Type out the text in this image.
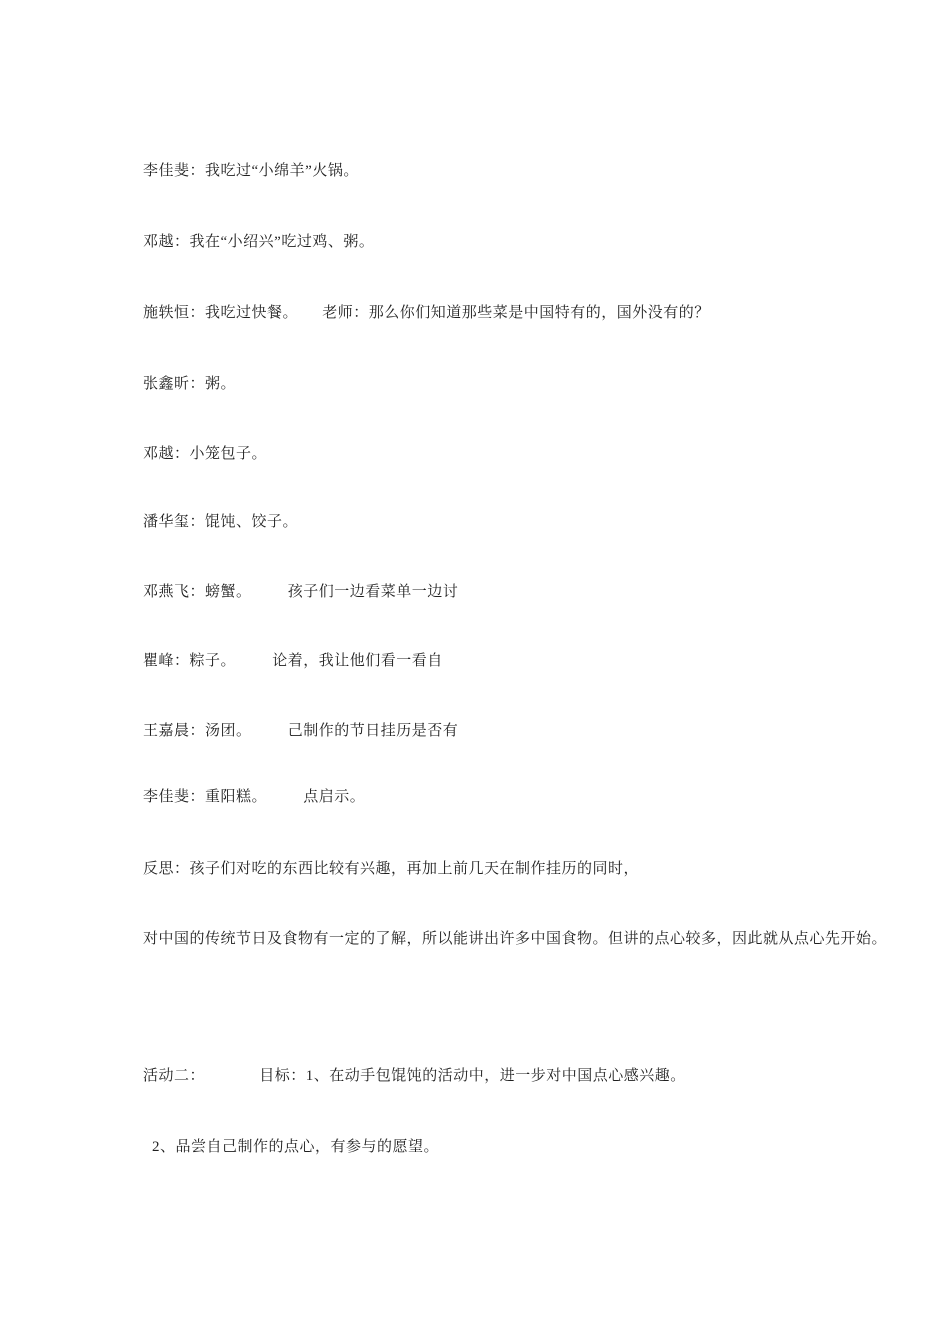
李佳斐：我吃过“小绵羊”火锅。

邓越：我在“小绍兴”吃过鸡、粥。

施轶恒：我吃过快餐。 老师：那么你们知道那些菜是中国特有的，国外没有的？

张鑫昕：粥。

邓越：小笼包子。

潘华玺：馄饨、饺子。

邓燕飞：螃蟹。 孩子们一边看菜单一边讨

瞿峰：粽子。 论着，我让他们看一看自

王嘉晨：汤团。 己制作的节日挂历是否有

李佳斐：重阳糕。 点启示。

反思：孩子们对吃的东西比较有兴趣，再加上前几天在制作挂历的同时，

对中国的传统节日及食物有一定的了解，所以能讲出许多中国食物。但讲的点心较多，因此就从点心先开始。

活动二：	目标：1、在动手包馄饨的活动中，进一步对中国点心感兴趣。

2、品尝自己制作的点心，有参与的愿望。
